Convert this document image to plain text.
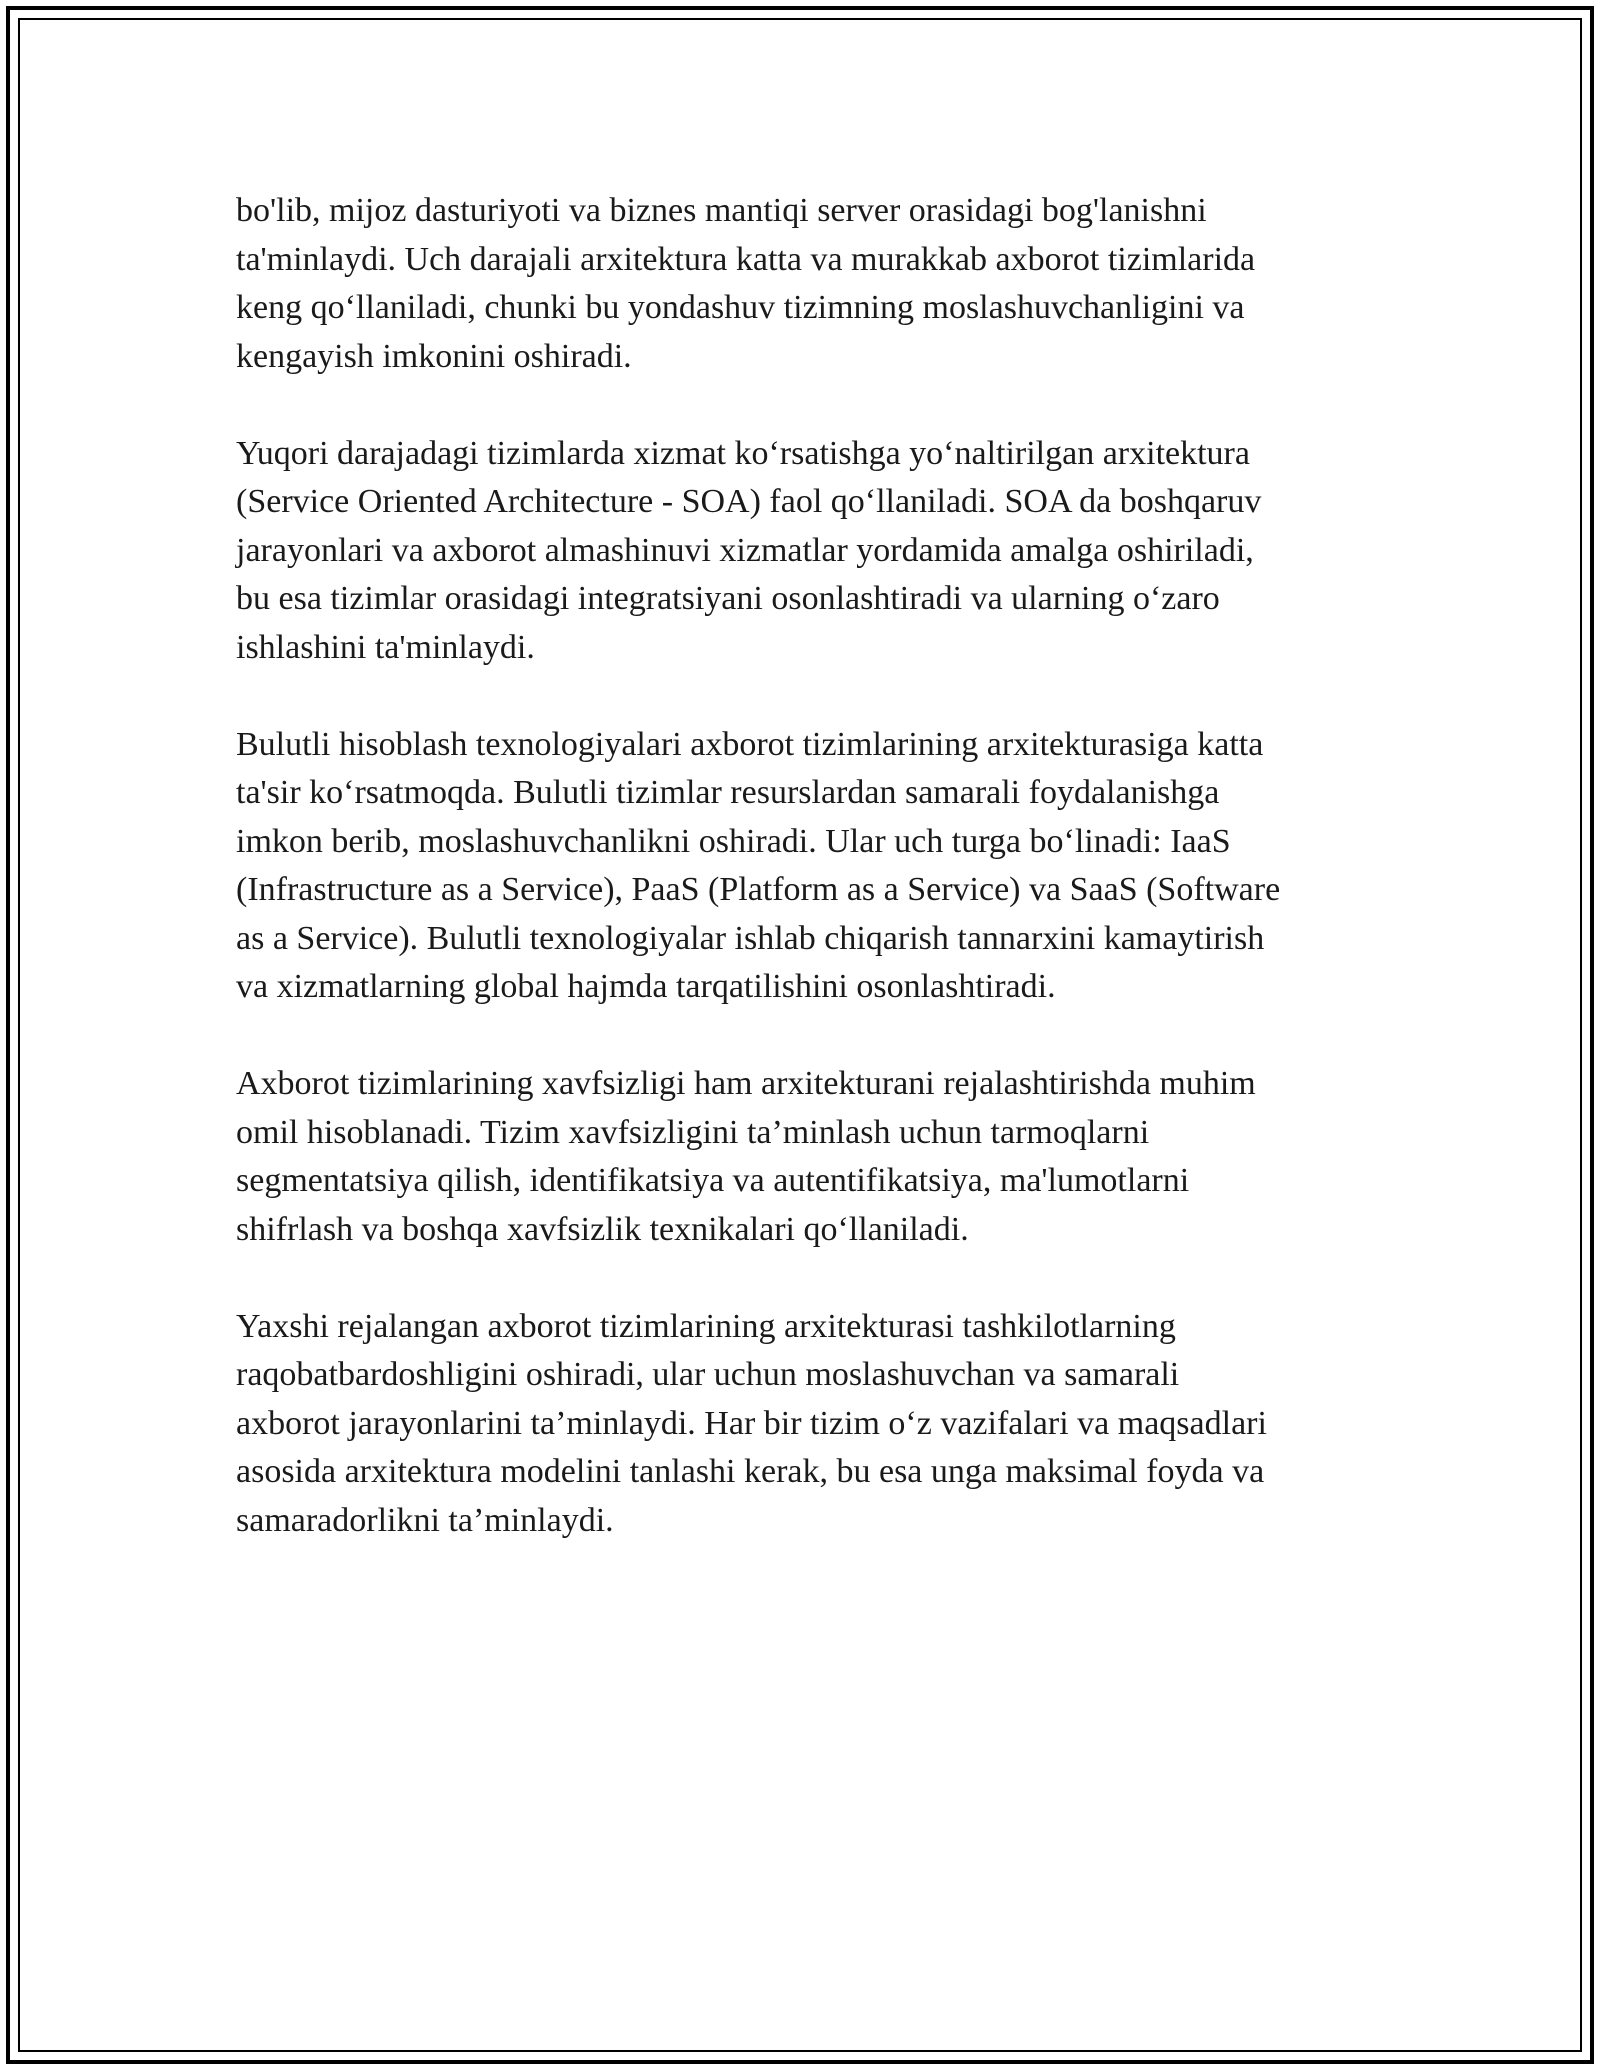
bo'lib, mijoz dasturiyoti va biznes mantiqi server orasidagi bog'lanishni
ta'minlaydi. Uch darajali arxitektura katta va murakkab axborot tizimlarida
keng qo‘llaniladi, chunki bu yondashuv tizimning moslashuvchanligini va
kengayish imkonini oshiradi.

Yuqori darajadagi tizimlarda xizmat ko‘rsatishga yo‘naltirilgan arxitektura
(Service Oriented Architecture - SOA) faol qo‘llaniladi. SOA da boshqaruv
jarayonlari va axborot almashinuvi xizmatlar yordamida amalga oshiriladi,
bu esa tizimlar orasidagi integratsiyani osonlashtiradi va ularning o‘zaro
ishlashini ta'minlaydi.

Bulutli hisoblash texnologiyalari axborot tizimlarining arxitekturasiga katta
ta'sir ko‘rsatmoqda. Bulutli tizimlar resurslardan samarali foydalanishga
imkon berib, moslashuvchanlikni oshiradi. Ular uch turga bo‘linadi: IaaS
(Infrastructure as a Service), PaaS (Platform as a Service) va SaaS (Software
as a Service). Bulutli texnologiyalar ishlab chiqarish tannarxini kamaytirish
va xizmatlarning global hajmda tarqatilishini osonlashtiradi.

Axborot tizimlarining xavfsizligi ham arxitekturani rejalashtirishda muhim
omil hisoblanadi. Tizim xavfsizligini ta’minlash uchun tarmoqlarni
segmentatsiya qilish, identifikatsiya va autentifikatsiya, ma'lumotlarni
shifrlash va boshqa xavfsizlik texnikalari qo‘llaniladi.

Yaxshi rejalangan axborot tizimlarining arxitekturasi tashkilotlarning
raqobatbardoshligini oshiradi, ular uchun moslashuvchan va samarali
axborot jarayonlarini ta’minlaydi. Har bir tizim o‘z vazifalari va maqsadlari
asosida arxitektura modelini tanlashi kerak, bu esa unga maksimal foyda va
samaradorlikni ta’minlaydi.
